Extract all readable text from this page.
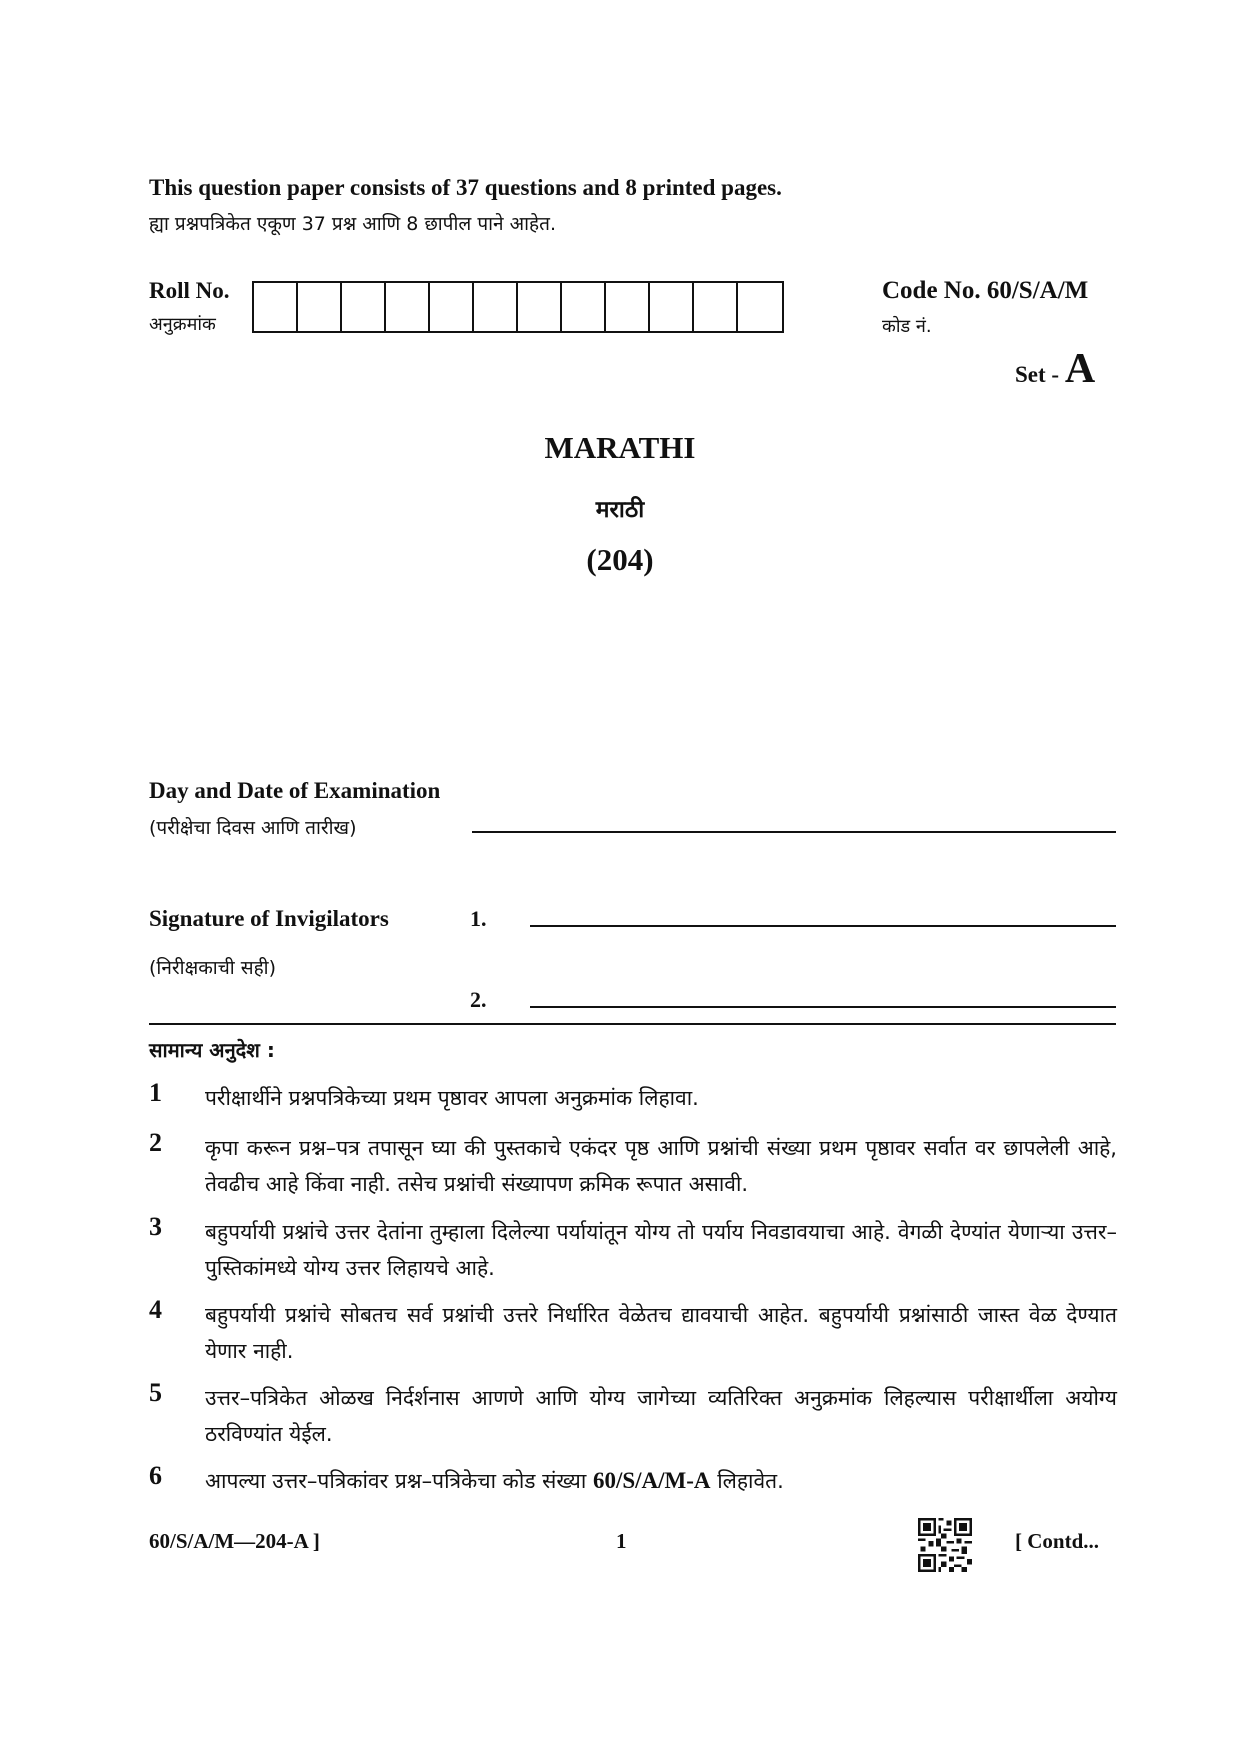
This question paper consists of 37 questions and 8 printed pages.
ह्या प्रश्नपत्रिकेत एकूण 37 प्रश्न आणि 8 छापील पाने आहेत.
Roll No.
अनुक्रमांक
Code No. 60/S/A/M
कोड नं.
Set - A
MARATHI
मराठी
(204)
Day and Date of Examination
(परीक्षेचा दिवस आणि तारीख)
Signature of Invigilators
(निरीक्षकाची सही)
1.
2.
सामान्य अनुदेश :
1 परीक्षार्थीने प्रश्नपत्रिकेच्या प्रथम पृष्ठावर आपला अनुक्रमांक लिहावा.
2 कृपा करून प्रश्न–पत्र तपासून घ्या की पुस्तकाचे एकंदर पृष्ठ आणि प्रश्नांची संख्या प्रथम पृष्ठावर सर्वात वर छापलेली आहे, तेवढीच आहे किंवा नाही. तसेच प्रश्नांची संख्यापण क्रमिक रूपात असावी.
3 बहुपर्यायी प्रश्नांचे उत्तर देतांना तुम्हाला दिलेल्या पर्यायांतून योग्य तो पर्याय निवडावयाचा आहे. वेगळी देण्यांत येणाऱ्या उत्तर–पुस्तिकांमध्ये योग्य उत्तर लिहायचे आहे.
4 बहुपर्यायी प्रश्नांचे सोबतच सर्व प्रश्नांची उत्तरे निर्धारित वेळेतच द्यावयाची आहेत. बहुपर्यायी प्रश्नांसाठी जास्त वेळ देण्यात येणार नाही.
5 उत्तर–पत्रिकेत ओळख निर्दर्शनास आणणे आणि योग्य जागेच्या व्यतिरिक्त अनुक्रमांक लिहल्यास परीक्षार्थीला अयोग्य ठरविण्यांत येईल.
6 आपल्या उत्तर–पत्रिकांवर प्रश्न–पत्रिकेचा कोड संख्या 60/S/A/M-A लिहावेत.
60/S/A/M—204-A ]	1	[ Contd...
